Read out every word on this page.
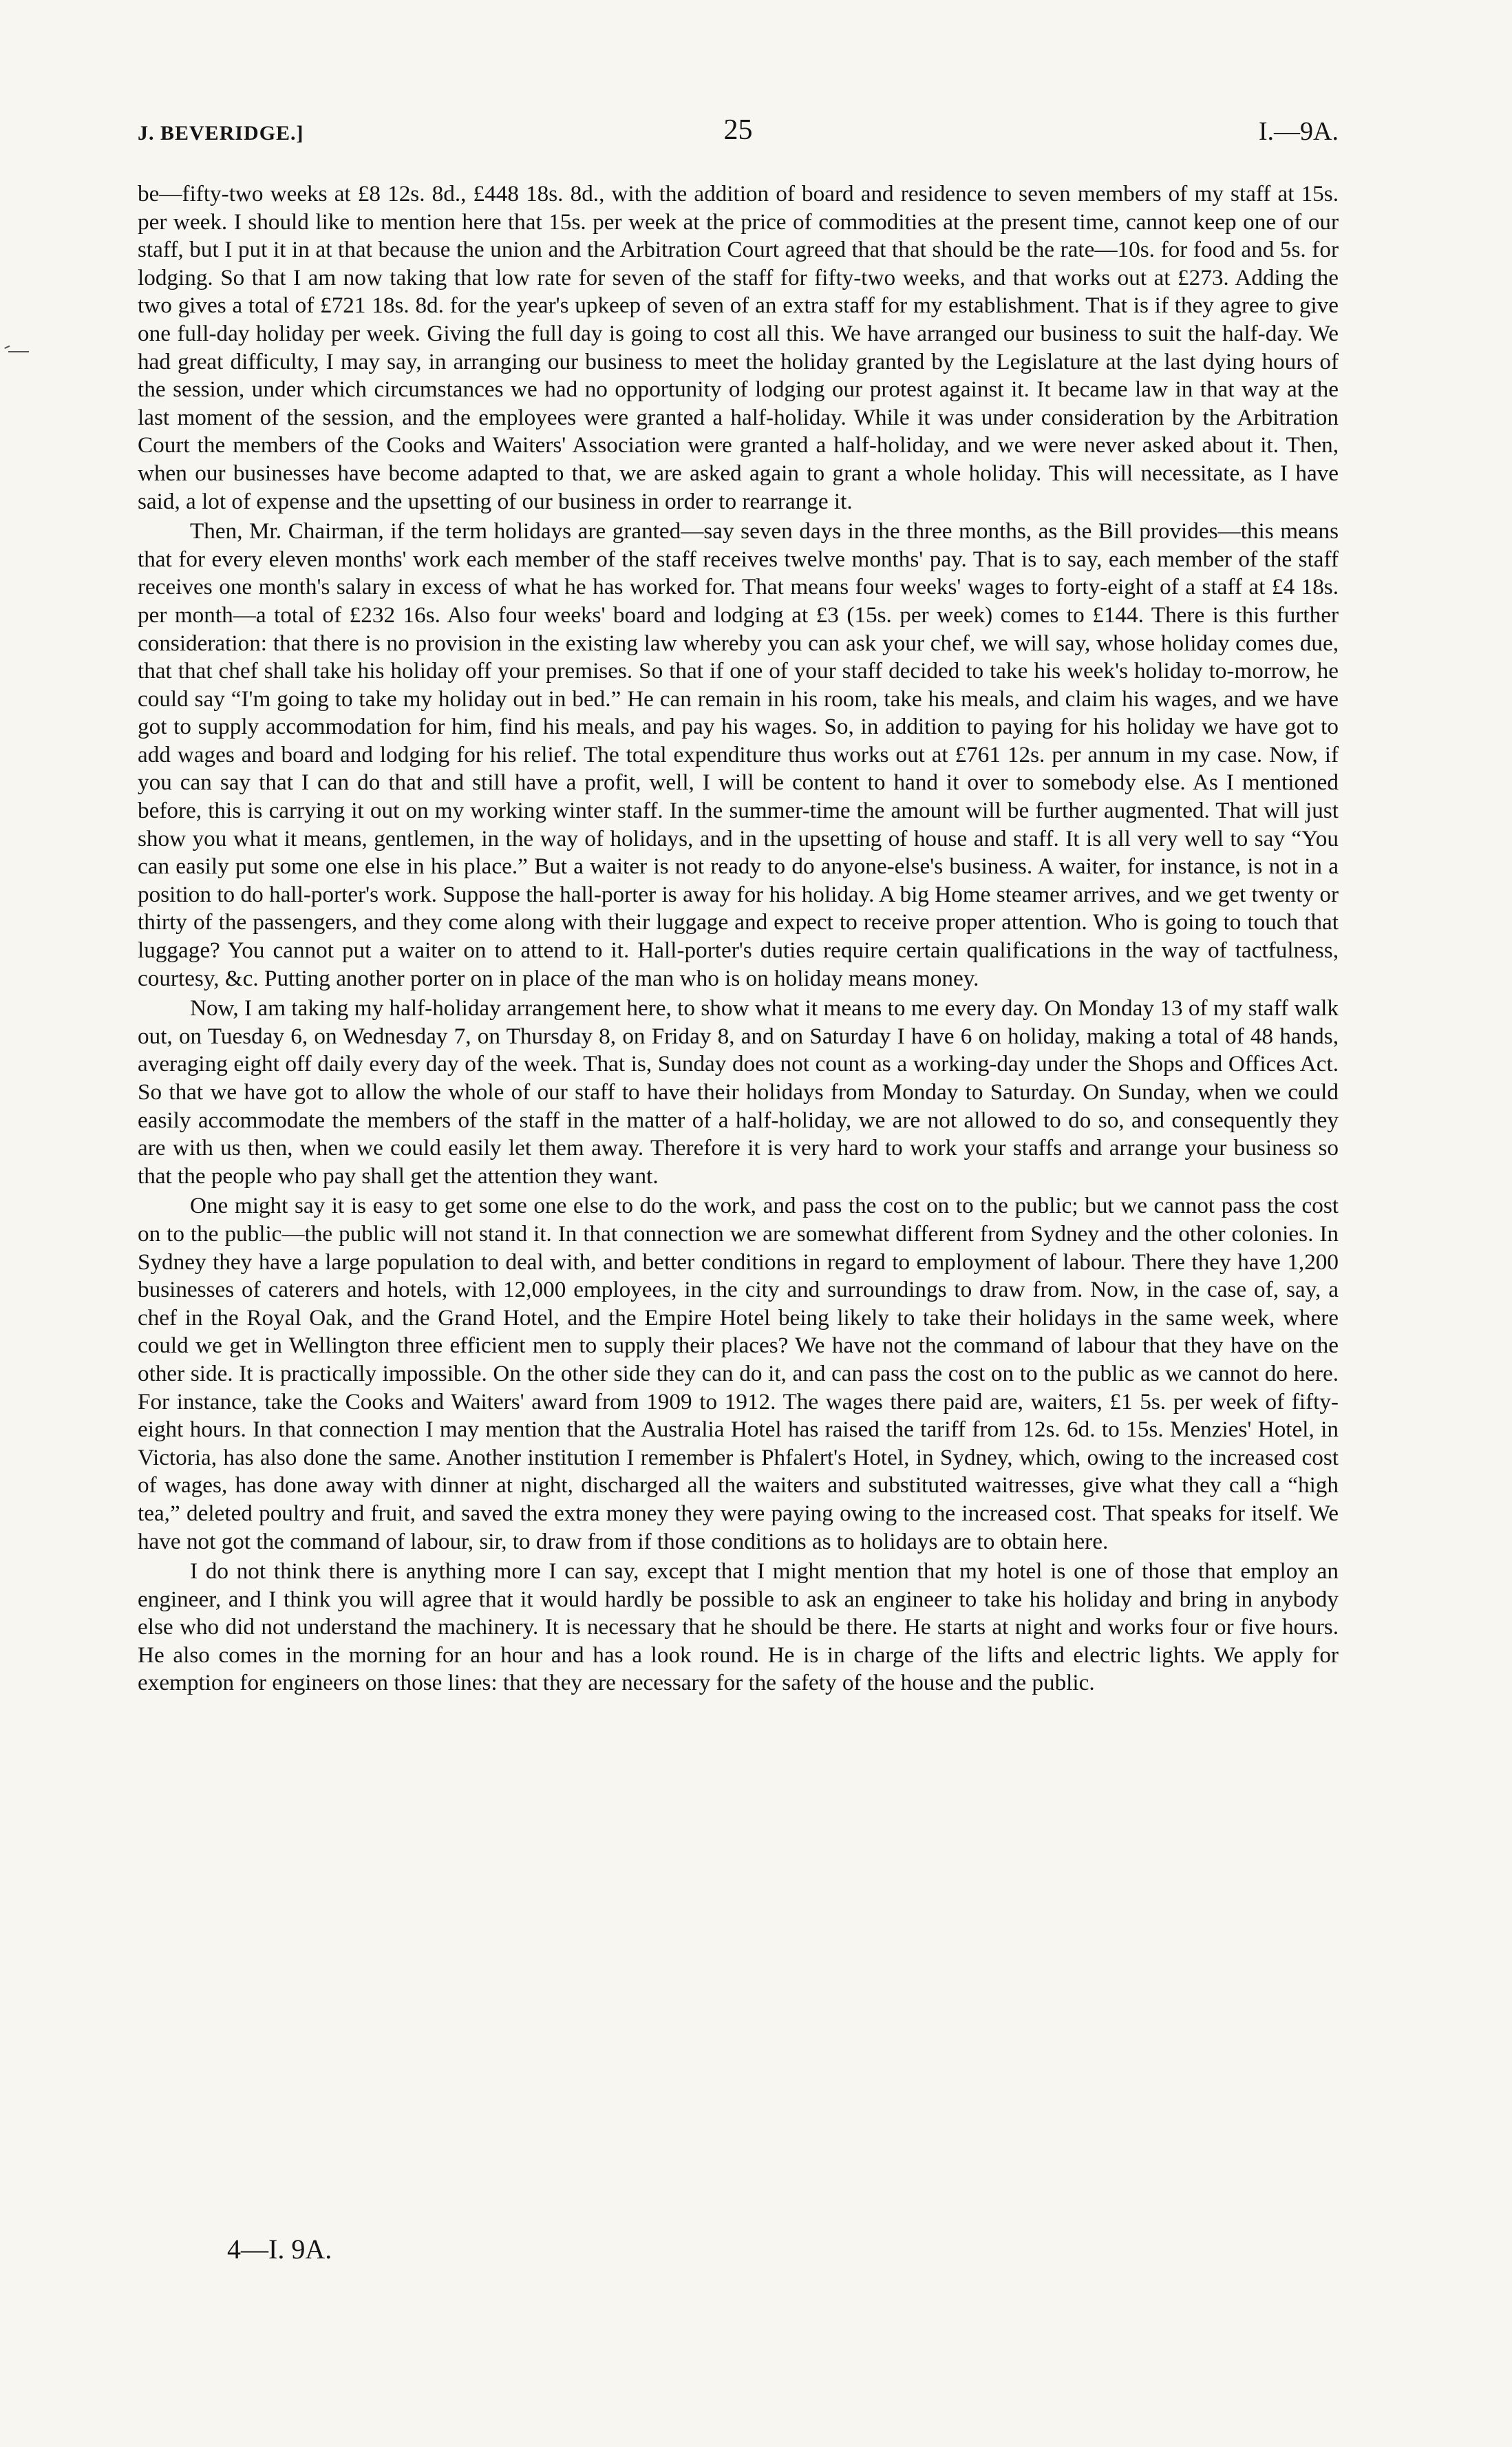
J. BEVERIDGE.]	25	I.—9A.

be—fifty-two weeks at £8 12s. 8d., £448 18s. 8d., with the addition of board and residence to seven members of my staff at 15s. per week. I should like to mention here that 15s. per week at the price of commodities at the present time, cannot keep one of our staff, but I put it in at that because the union and the Arbitration Court agreed that that should be the rate—10s. for food and 5s. for lodging. So that I am now taking that low rate for seven of the staff for fifty-two weeks, and that works out at £273. Adding the two gives a total of £721 18s. 8d. for the year's upkeep of seven of an extra staff for my establishment. That is if they agree to give one full-day holiday per week. Giving the full day is going to cost all this. We have arranged our business to suit the half-day. We had great difficulty, I may say, in arranging our business to meet the holiday granted by the Legislature at the last dying hours of the session, under which circumstances we had no opportunity of lodging our protest against it. It became law in that way at the last moment of the session, and the employees were granted a half-holiday. While it was under consideration by the Arbitration Court the members of the Cooks and Waiters' Association were granted a half-holiday, and we were never asked about it. Then, when our businesses have become adapted to that, we are asked again to grant a whole holiday. This will necessitate, as I have said, a lot of expense and the upsetting of our business in order to rearrange it.

Then, Mr. Chairman, if the term holidays are granted—say seven days in the three months, as the Bill provides—this means that for every eleven months' work each member of the staff receives twelve months' pay. That is to say, each member of the staff receives one month's salary in excess of what he has worked for. That means four weeks' wages to forty-eight of a staff at £4 18s. per month—a total of £232 16s. Also four weeks' board and lodging at £3 (15s. per week) comes to £144. There is this further consideration: that there is no provision in the existing law whereby you can ask your chef, we will say, whose holiday comes due, that that chef shall take his holiday off your premises. So that if one of your staff decided to take his week's holiday to-morrow, he could say “I'm going to take my holiday out in bed.” He can remain in his room, take his meals, and claim his wages, and we have got to supply accommodation for him, find his meals, and pay his wages. So, in addition to paying for his holiday we have got to add wages and board and lodging for his relief. The total expenditure thus works out at £761 12s. per annum in my case. Now, if you can say that I can do that and still have a profit, well, I will be content to hand it over to somebody else. As I mentioned before, this is carrying it out on my working winter staff. In the summer-time the amount will be further augmented. That will just show you what it means, gentlemen, in the way of holidays, and in the upsetting of house and staff. It is all very well to say “You can easily put some one else in his place.” But a waiter is not ready to do anyone-else's business. A waiter, for instance, is not in a position to do hall-porter's work. Suppose the hall-porter is away for his holiday. A big Home steamer arrives, and we get twenty or thirty of the passengers, and they come along with their luggage and expect to receive proper attention. Who is going to touch that luggage? You cannot put a waiter on to attend to it. Hall-porter's duties require certain qualifications in the way of tactfulness, courtesy, &c. Putting another porter on in place of the man who is on holiday means money.

Now, I am taking my half-holiday arrangement here, to show what it means to me every day. On Monday 13 of my staff walk out, on Tuesday 6, on Wednesday 7, on Thursday 8, on Friday 8, and on Saturday I have 6 on holiday, making a total of 48 hands, averaging eight off daily every day of the week. That is, Sunday does not count as a working-day under the Shops and Offices Act. So that we have got to allow the whole of our staff to have their holidays from Monday to Saturday. On Sunday, when we could easily accommodate the members of the staff in the matter of a half-holiday, we are not allowed to do so, and consequently they are with us then, when we could easily let them away. Therefore it is very hard to work your staffs and arrange your business so that the people who pay shall get the attention they want.

One might say it is easy to get some one else to do the work, and pass the cost on to the public; but we cannot pass the cost on to the public—the public will not stand it. In that connection we are somewhat different from Sydney and the other colonies. In Sydney they have a large population to deal with, and better conditions in regard to employment of labour. There they have 1,200 businesses of caterers and hotels, with 12,000 employees, in the city and surroundings to draw from. Now, in the case of, say, a chef in the Royal Oak, and the Grand Hotel, and the Empire Hotel being likely to take their holidays in the same week, where could we get in Wellington three efficient men to supply their places? We have not the command of labour that they have on the other side. It is practically impossible. On the other side they can do it, and can pass the cost on to the public as we cannot do here. For instance, take the Cooks and Waiters' award from 1909 to 1912. The wages there paid are, waiters, £1 5s. per week of fifty-eight hours. In that connection I may mention that the Australia Hotel has raised the tariff from 12s. 6d. to 15s. Menzies' Hotel, in Victoria, has also done the same. Another institution I remember is Phfalert's Hotel, in Sydney, which, owing to the increased cost of wages, has done away with dinner at night, discharged all the waiters and substituted waitresses, give what they call a “high tea,” deleted poultry and fruit, and saved the extra money they were paying owing to the increased cost. That speaks for itself. We have not got the command of labour, sir, to draw from if those conditions as to holidays are to obtain here.

I do not think there is anything more I can say, except that I might mention that my hotel is one of those that employ an engineer, and I think you will agree that it would hardly be possible to ask an engineer to take his holiday and bring in anybody else who did not understand the machinery. It is necessary that he should be there. He starts at night and works four or five hours. He also comes in the morning for an hour and has a look round. He is in charge of the lifts and electric lights. We apply for exemption for engineers on those lines: that they are necessary for the safety of the house and the public.

4—I. 9A.
